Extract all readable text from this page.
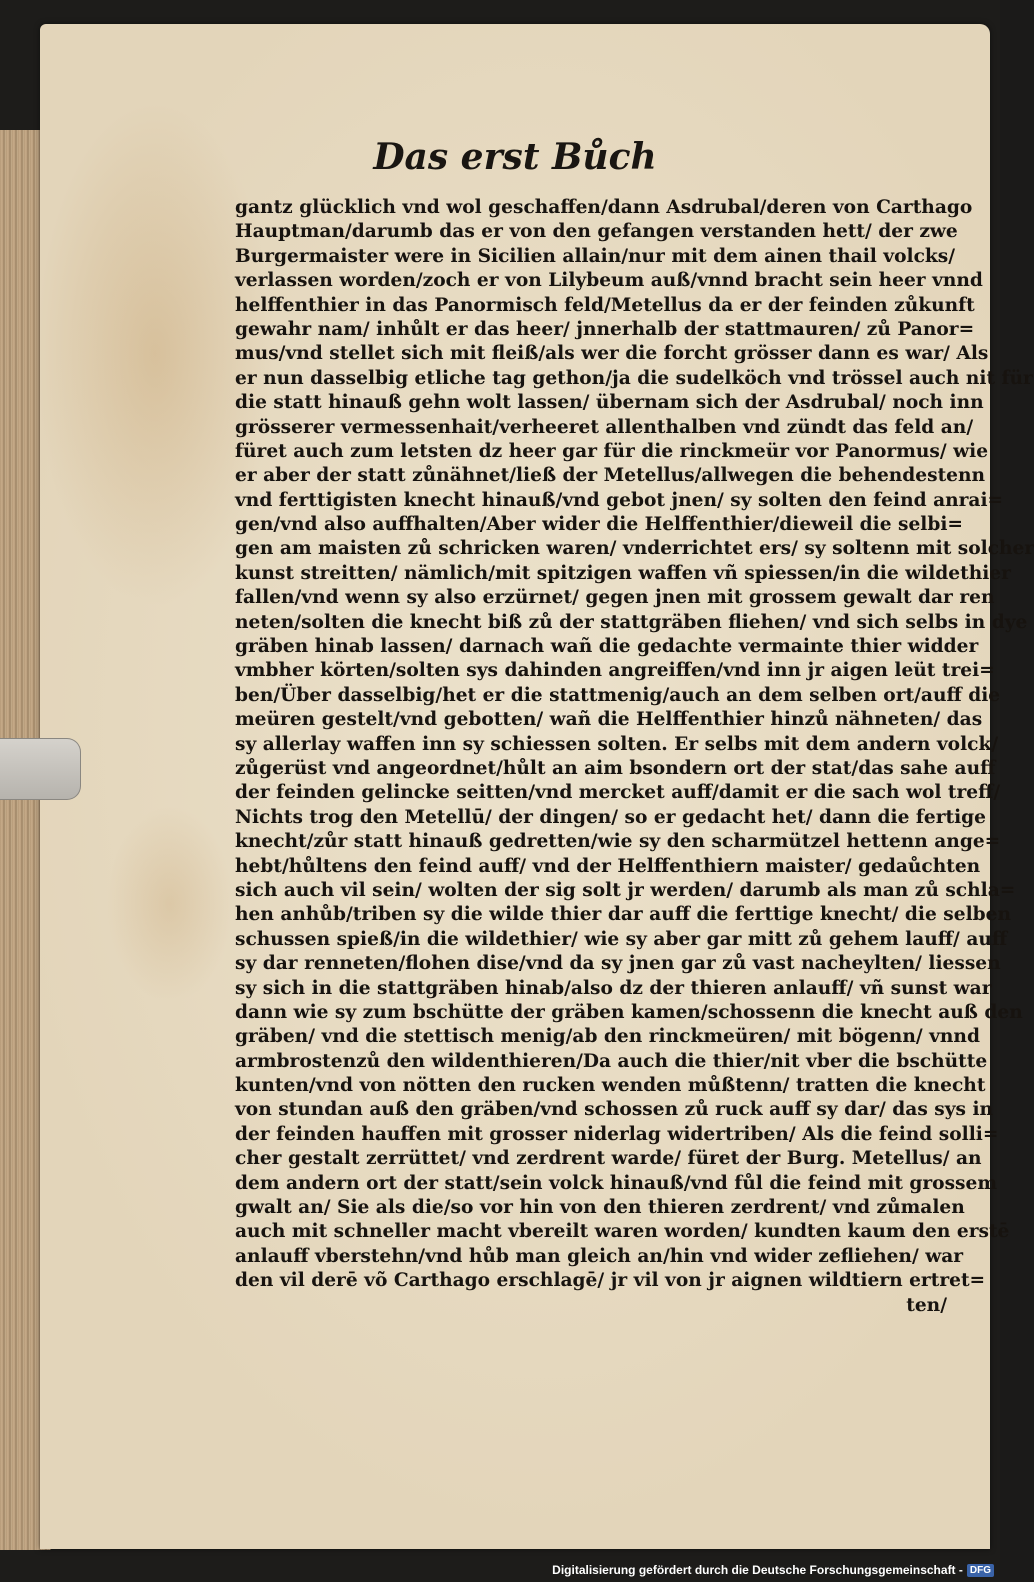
Das erst Bůch
gantz glücklich vnd wol geschaffen/dann Asdrubal/deren von Carthago
Hauptman/darumb das er von den gefangen verstanden hett/ der zwe
Burgermaister were in Sicilien allain/nur mit dem ainen thail volcks/
verlassen worden/zoch er von Lilybeum auß/vnnd bracht sein heer vnnd
helffenthier in das Panormisch feld/Metellus da er der feinden zůkunft
gewahr nam/ inhůlt er das heer/ jnnerhalb der stattmauren/ zů Panor=
mus/vnd stellet sich mit fleiß/als wer die forcht grösser dann es war/ Als
er nun dasselbig etliche tag gethon/ja die sudelköch vnd trössel auch nit für
die statt hinauß gehn wolt lassen/ übernam sich der Asdrubal/ noch inn
grösserer vermessenhait/verheeret allenthalben vnd zündt das feld an/
füret auch zum letsten dz heer gar für die rinckmeür vor Panormus/ wie
er aber der statt zůnähnet/ließ der Metellus/allwegen die behendestenn
vnd ferttigisten knecht hinauß/vnd gebot jnen/ sy solten den feind anrai=
gen/vnd also auffhalten/Aber wider die Helffenthier/dieweil die selbi=
gen am maisten zů schricken waren/ vnderrichtet ers/ sy soltenn mit solcher
kunst streitten/ nämlich/mit spitzigen waffen vñ spiessen/in die wildethier
fallen/vnd wenn sy also erzürnet/ gegen jnen mit grossem gewalt dar ren
neten/solten die knecht biß zů der stattgräben fliehen/ vnd sich selbs in dye
gräben hinab lassen/ darnach wañ die gedachte vermainte thier widder
vmbher körten/solten sys dahinden angreiffen/vnd inn jr aigen leüt trei=
ben/Über dasselbig/het er die stattmenig/auch an dem selben ort/auff die
meüren gestelt/vnd gebotten/ wañ die Helffenthier hinzů nähneten/ das
sy allerlay waffen inn sy schiessen solten. Er selbs mit dem andern volck/
zůgerüst vnd angeordnet/hůlt an aim bsondern ort der stat/das sahe auff
der feinden gelincke seitten/vnd mercket auff/damit er die sach wol treff/
Nichts trog den Metellū/ der dingen/ so er gedacht het/ dann die fertige
knecht/zůr statt hinauß gedretten/wie sy den scharmützel hettenn ange=
hebt/hůltens den feind auff/ vnd der Helffenthiern maister/ gedaůchten
sich auch vil sein/ wolten der sig solt jr werden/ darumb als man zů schla=
hen anhůb/triben sy die wilde thier dar auff die ferttige knecht/ die selben
schussen spieß/in die wildethier/ wie sy aber gar mitt zů gehem lauff/ auff
sy dar renneten/flohen dise/vnd da sy jnen gar zů vast nacheylten/ liessen
sy sich in die stattgräben hinab/also dz der thieren anlauff/ vñ sunst war
dann wie sy zum bschütte der gräben kamen/schossenn die knecht auß den
gräben/ vnd die stettisch menig/ab den rinckmeüren/ mit bögenn/ vnnd
armbrostenzů den wildenthieren/Da auch die thier/nit vber die bschütte
kunten/vnd von nötten den rucken wenden můßtenn/ tratten die knecht
von stundan auß den gräben/vnd schossen zů ruck auff sy dar/ das sys in
der feinden hauffen mit grosser niderlag widertriben/ Als die feind solli=
cher gestalt zerrüttet/ vnd zerdrent warde/ füret der Burg. Metellus/ an
dem andern ort der statt/sein volck hinauß/vnd fůl die feind mit grossem
gwalt an/ Sie als die/so vor hin von den thieren zerdrent/ vnd zůmalen
auch mit schneller macht vbereilt waren worden/ kundten kaum den erstē
anlauff vberstehn/vnd hůb man gleich an/hin vnd wider zefliehen/ war
den vil derē võ Carthago erschlagē/ jr vil von jr aignen wildtiern ertret=
ten/
Digitalisierung gefördert durch die Deutsche Forschungsgemeinschaft - DFG
